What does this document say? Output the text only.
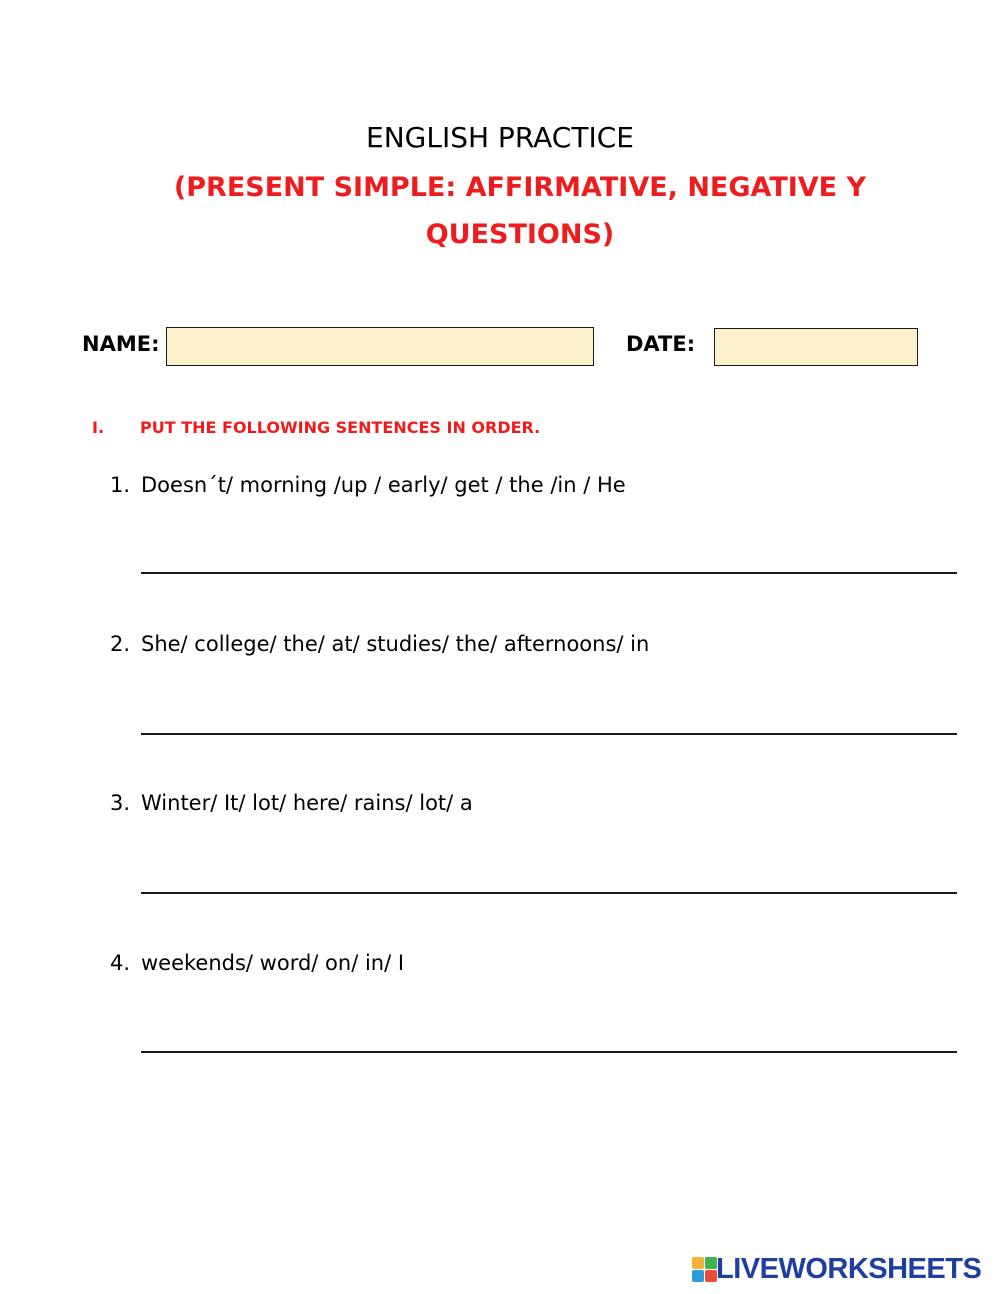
ENGLISH PRACTICE
(PRESENT SIMPLE: AFFIRMATIVE, NEGATIVE Y QUESTIONS)
NAME:	DATE:
I. PUT THE FOLLOWING SENTENCES IN ORDER.
1. Doesn´t/ morning /up / early/ get / the /in / He
2. She/ college/ the/ at/ studies/ the/ afternoons/ in
3. Winter/ It/ lot/ here/ rains/ lot/ a
4. weekends/ word/ on/ in/ I
LIVEWORKSHEETS
